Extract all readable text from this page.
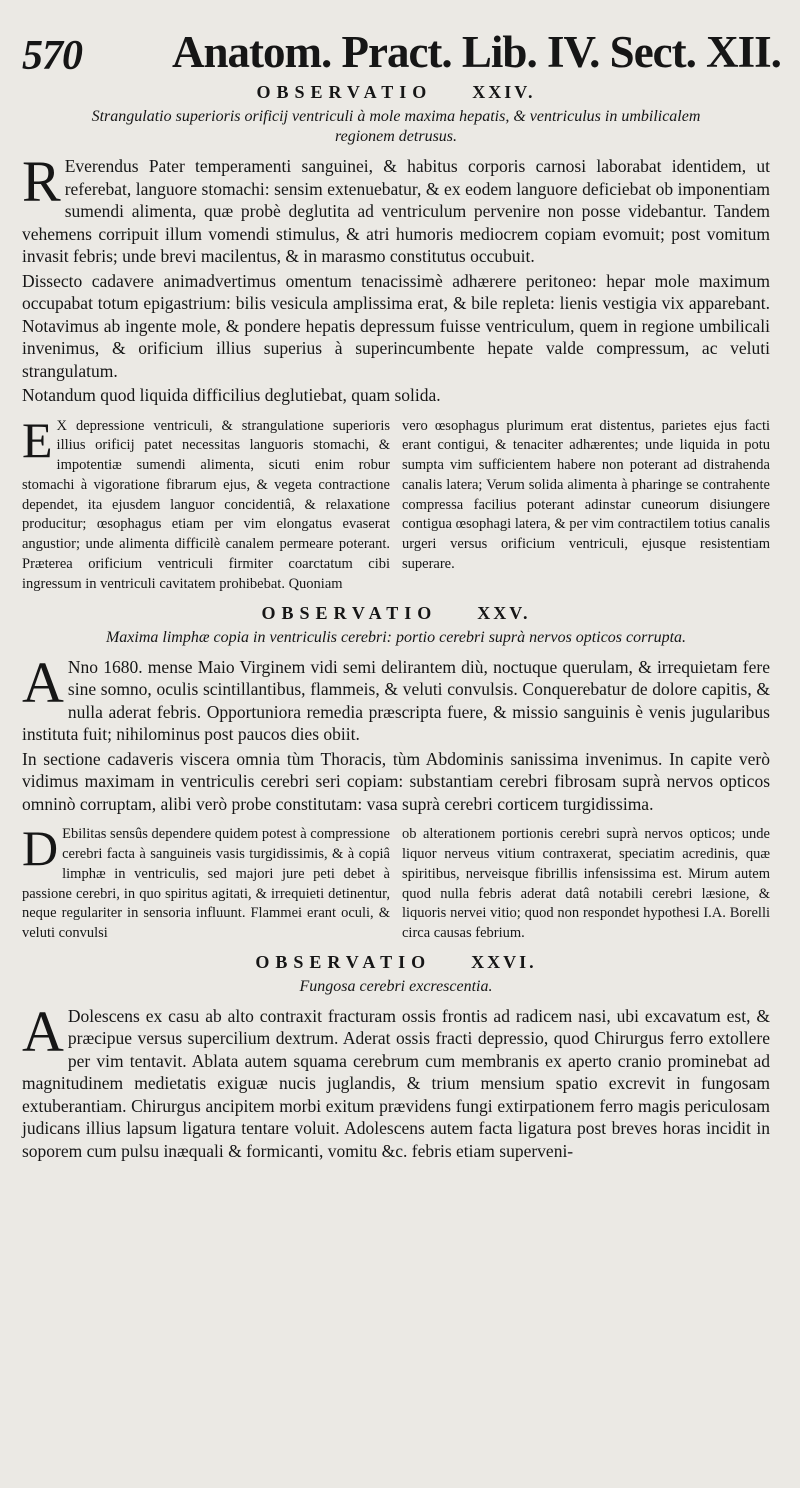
570 Anatom. Pract. Lib. IV. Sect. XII.
OBSERVATIO XXIV.
Strangulatio superioris orificij ventriculi à mole maxima hepatis, & ventriculus in umbilicalem regionem detrusus.

R Everendus Pater temperamenti sanguinei, & habitus corporis carnosi laborabat identidem, ut referebat, languore stomachi: sensim extenuebatur, & ex eodem languore deficiebat ob imponentiam sumendi alimenta, quæ probè deglutita ad ventriculum pervenire non posse videbantur. Tandem vehemens corripuit illum vomendi stimulus, & atri humoris mediocrem copiam evomuit; post vomitum invasit febris; unde brevi macilentus, & in marasmo constitutus occubuit.

Dissecto cadavere animadvertimus omentum tenacissimè adhærere peritoneo: hepar mole maximum occupabat totum epigastrium: bilis vesicula amplissima erat, & bile repleta: lienis vestigia vix apparebant. Notavimus ab ingente mole, & pondere hepatis depressum fuisse ventriculum, quem in regione umbilicali invenimus, & orificium illius superius à superincumbente hepate valde compressum, ac veluti strangulatum.

Notandum quod liquida difficilius deglutiebat, quam solida.

E X depressione ventriculi, & strangulatione superioris illius orificij patet necessitas languoris stomachi, & impotentiæ sumendi alimenta, sicuti enim robur stomachi à vigoratione fibrarum ejus, & vegeta contractione dependet, ita ejusdem languor concidentiâ, & relaxatione producitur; œsophagus etiam per vim elongatus evaserat angustior; unde alimenta difficilè canalem permeare poterant. Præterea orificium ventriculi firmiter coarctatum cibi ingressum in ventriculi cavitatem prohibebat. Quoniam

vero œsophagus plurimum erat distentus, parietes ejus facti erant contigui, & tenaciter adhærentes; unde liquida in potu sumpta vim sufficientem habere non poterant ad distrahenda canalis latera; Verum solida alimenta à pharinge se contrahente compressa facilius poterant adinstar cuneorum disiungere contigua œsophagi latera, & per vim contractilem totius canalis urgeri versus orificium ventriculi, ejusque resistentiam superare.

OBSERVATIO XXV.
Maxima limphæ copia in ventriculis cerebri: portio cerebri suprà nervos opticos corrupta.

A Nno 1680. mense Maio Virginem vidi semi delirantem diù, noctuque querulam, & irrequietam fere sine somno, oculis scintillantibus, flammeis, & veluti convulsis. Conquerebatur de dolore capitis, & nulla aderat febris. Opportuniora remedia præscripta fuere, & missio sanguinis è venis jugularibus instituta fuit; nihilominus post paucos dies obiit.

In sectione cadaveris viscera omnia tùm Thoracis, tùm Abdominis sanissima invenimus. In capite verò vidimus maximam in ventriculis cerebri seri copiam: substantiam cerebri fibrosam suprà nervos opticos omninò corruptam, alibi verò probe constitutam: vasa suprà cerebri corticem turgidissima.

D Ebilitas sensûs dependere quidem potest à compressione cerebri facta à sanguineis vasis turgidissimis, & à copiâ limphæ in ventriculis, sed majori jure peti debet à passione cerebri, in quo spiritus agitati, & irrequieti detinentur, neque regulariter in sensoria influunt. Flammei erant oculi, & veluti convulsi

ob alterationem portionis cerebri suprà nervos opticos; unde liquor nerveus vitium contraxerat, speciatim acredinis, quæ spiritibus, nerveisque fibrillis infensissima est. Mirum autem quod nulla febris aderat datâ notabili cerebri læsione, & liquoris nervei vitio; quod non respondet hypothesi I.A. Borelli circa causas febrium.

OBSERVATIO XXVI.
Fungosa cerebri excrescentia.

A Dolescens ex casu ab alto contraxit fracturam ossis frontis ad radicem nasi, ubi excavatum est, & præcipue versus supercilium dextrum. Aderat ossis fracti depressio, quod Chirurgus ferro extollere per vim tentavit. Ablata autem squama cerebrum cum membranis ex aperto cranio prominebat ad magnitudinem medietatis exiguæ nucis juglandis, & trium mensium spatio excrevit in fungosam extuberantiam. Chirurgus ancipitem morbi exitum prævidens fungi extirpationem ferro magis periculosam judicans illius lapsum ligatura tentare voluit. Adolescens autem facta ligatura post breves horas incidit in soporem cum pulsu inæquali & formicanti, vomitu &c. febris etiam superveni-
